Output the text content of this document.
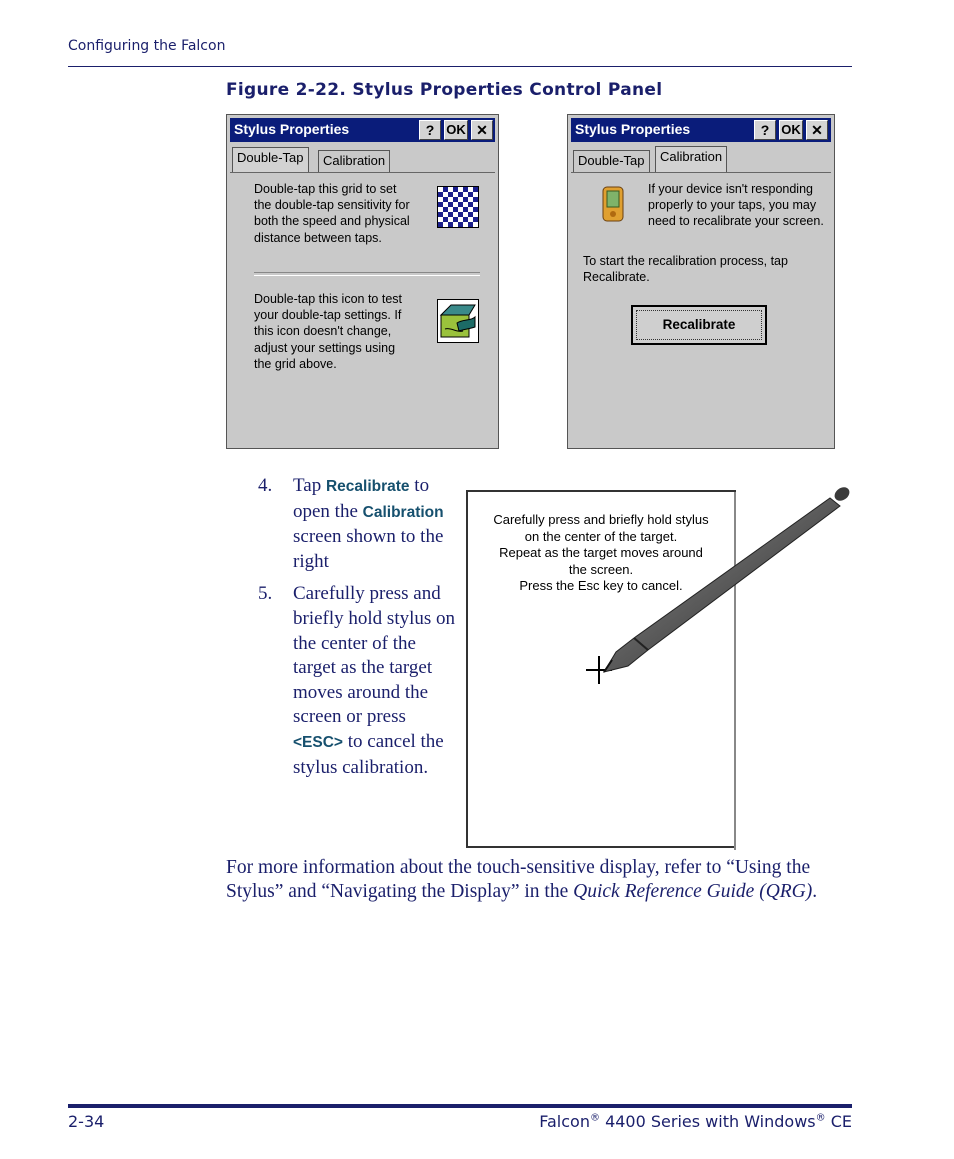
Configuring the Falcon
Figure 2-22. Stylus Properties Control Panel
Stylus Properties	? OK ✕
Double-Tap	Calibration
Double-tap this grid to set the double-tap sensitivity for both the speed and physical distance between taps.
Double-tap this icon to test your double-tap settings. If this icon doesn't change, adjust your settings using the grid above.
Stylus Properties	? OK ✕
Double-Tap	Calibration
If your device isn't responding properly to your taps, you may need to recalibrate your screen.
To start the recalibration process, tap Recalibrate.
Recalibrate
4. Tap Recalibrate to open the Calibration screen shown to the right
5. Carefully press and briefly hold stylus on the center of the target as the target moves around the screen or press <ESC> to cancel the stylus calibration.
Carefully press and briefly hold stylus
on the center of the target.
Repeat as the target moves around
the screen.
Press the Esc key to cancel.
For more information about the touch-sensitive display, refer to “Using the Stylus” and “Navigating the Display” in the Quick Reference Guide (QRG).
2-34	Falcon® 4400 Series with Windows® CE
